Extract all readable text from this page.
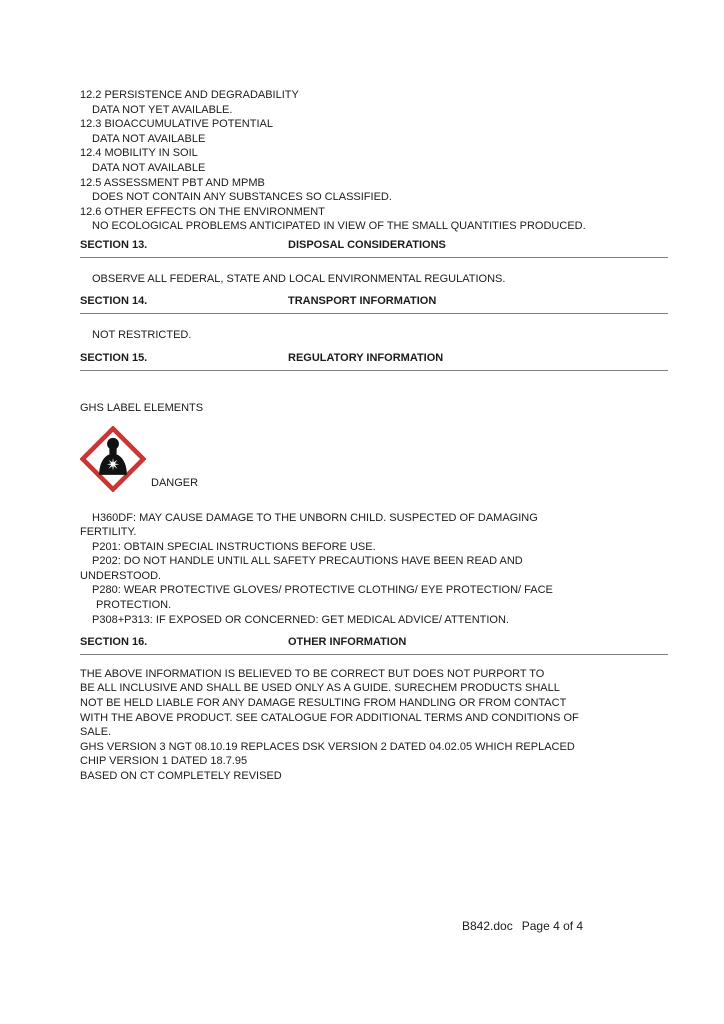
12.2 PERSISTENCE AND DEGRADABILITY
DATA NOT YET AVAILABLE.
12.3 BIOACCUMULATIVE POTENTIAL
DATA NOT AVAILABLE
12.4 MOBILITY IN SOIL
DATA NOT AVAILABLE
12.5 ASSESSMENT PBT AND MPMB
DOES NOT CONTAIN ANY SUBSTANCES SO CLASSIFIED.
12.6 OTHER EFFECTS ON THE ENVIRONMENT
NO ECOLOGICAL PROBLEMS ANTICIPATED IN VIEW OF THE SMALL QUANTITIES PRODUCED.
SECTION 13.	DISPOSAL CONSIDERATIONS
OBSERVE ALL FEDERAL, STATE AND LOCAL ENVIRONMENTAL REGULATIONS.
SECTION 14.	TRANSPORT INFORMATION
NOT RESTRICTED.
SECTION 15.	REGULATORY INFORMATION
GHS LABEL ELEMENTS
DANGER
H360DF: MAY CAUSE DAMAGE TO THE UNBORN CHILD. SUSPECTED OF DAMAGING
FERTILITY.
P201: OBTAIN SPECIAL INSTRUCTIONS BEFORE USE.
P202: DO NOT HANDLE UNTIL ALL SAFETY PRECAUTIONS HAVE BEEN READ AND
UNDERSTOOD.
P280: WEAR PROTECTIVE GLOVES/ PROTECTIVE CLOTHING/ EYE PROTECTION/ FACE
PROTECTION.
P308+P313: IF EXPOSED OR CONCERNED: GET MEDICAL ADVICE/ ATTENTION.
SECTION 16.	OTHER INFORMATION
THE ABOVE INFORMATION IS BELIEVED TO BE CORRECT BUT DOES NOT PURPORT TO
BE ALL INCLUSIVE AND SHALL BE USED ONLY AS A GUIDE. SURECHEM PRODUCTS SHALL
NOT BE HELD LIABLE FOR ANY DAMAGE RESULTING FROM HANDLING OR FROM CONTACT
WITH THE ABOVE PRODUCT. SEE CATALOGUE FOR ADDITIONAL TERMS AND CONDITIONS OF
SALE.
GHS VERSION 3 NGT 08.10.19 REPLACES DSK VERSION 2 DATED 04.02.05 WHICH REPLACED
CHIP VERSION 1 DATED 18.7.95
BASED ON CT COMPLETELY REVISED
B842.doc Page 4 of 4
